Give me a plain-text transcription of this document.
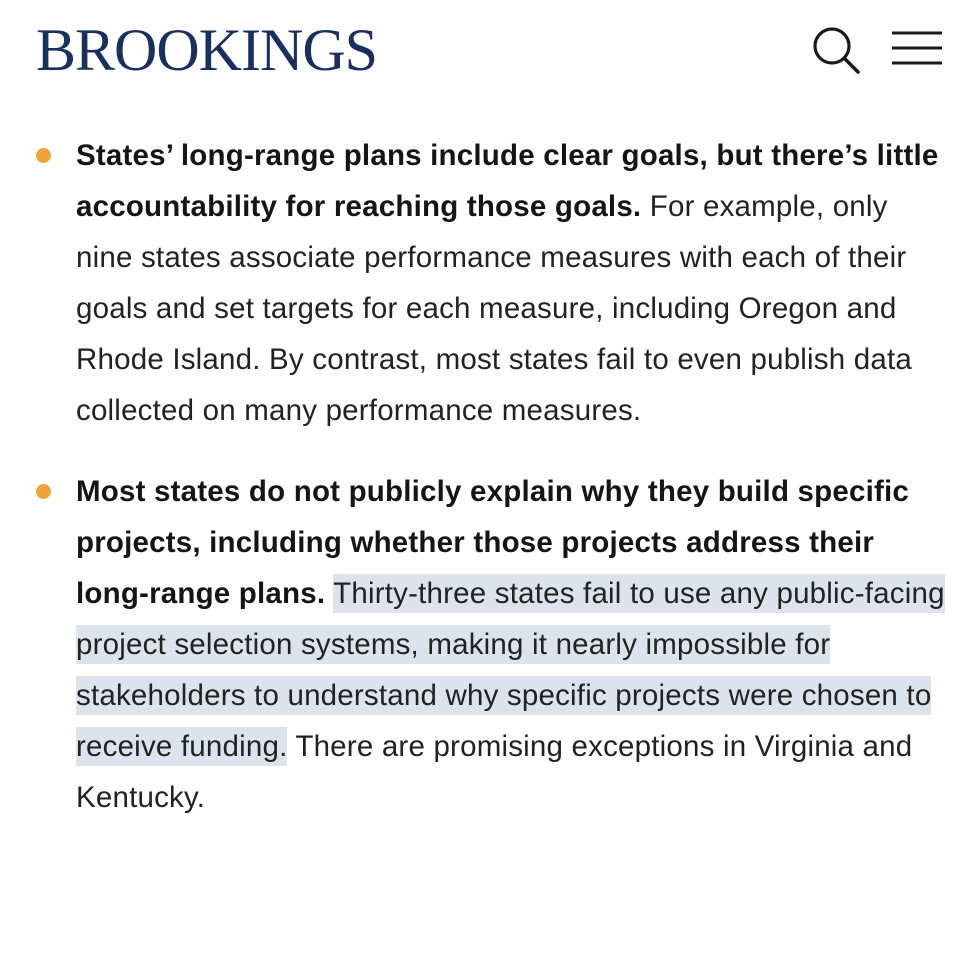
BROOKINGS

States’ long-range plans include clear goals, but there’s little accountability for reaching those goals. For example, only nine states associate performance measures with each of their goals and set targets for each measure, including Oregon and Rhode Island. By contrast, most states fail to even publish data collected on many performance measures.

Most states do not publicly explain why they build specific projects, including whether those projects address their long-range plans. Thirty-three states fail to use any public-facing project selection systems, making it nearly impossible for stakeholders to understand why specific projects were chosen to receive funding. There are promising exceptions in Virginia and Kentucky.
